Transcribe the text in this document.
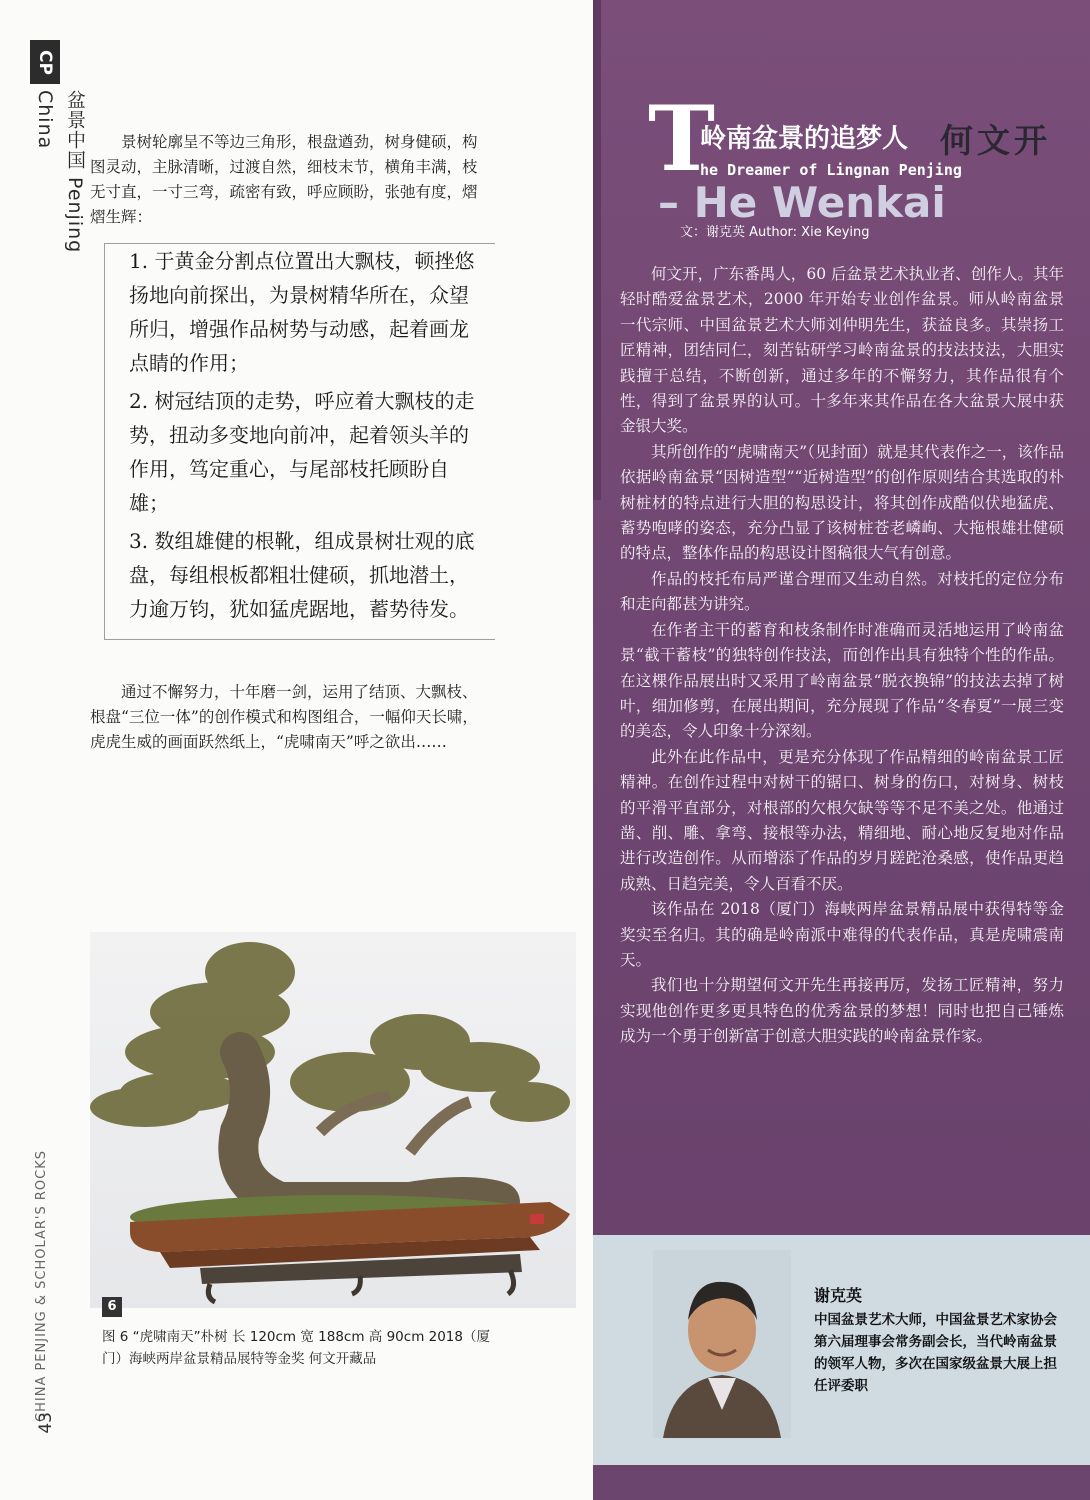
CP
盆景中国 Penjing China	景树轮廓呈不等边三角形，根盘遒劲，树身健硕，构图灵动，主脉清晰，过渡自然，细枝末节，横角丰满，枝无寸直，一寸三弯，疏密有致，呼应顾盼，张弛有度，熠熠生辉：

1. 于黄金分割点位置出大飘枝，顿挫悠扬地向前探出，为景树精华所在，众望所归，增强作品树势与动感，起着画龙点睛的作用；

2. 树冠结顶的走势，呼应着大飘枝的走势，扭动多变地向前冲，起着领头羊的作用，笃定重心，与尾部枝托顾盼自雄；

3. 数组雄健的根靴，组成景树壮观的底盘，每组根板都粗壮健硕，抓地潜土，力逾万钧，犹如猛虎踞地，蓄势待发。

通过不懈努力，十年磨一剑，运用了结顶、大飘枝、根盘“三位一体”的创作模式和构图组合，一幅仰天长啸，虎虎生威的画面跃然纸上，“虎啸南天”呼之欲出……
6
图 6 “虎啸南天”朴树 长 120cm 宽 188cm 高 90cm 2018（厦门）海峡两岸盆景精品展特等金奖 何文开藏品
CHINA PENJING & SCHOLAR'S ROCKS
43
T
岭南盆景的追梦人 何文开
he Dreamer of Lingnan Penjing
– He Wenkai
文：谢克英 Author: Xie Keying

何文开，广东番禺人，60 后盆景艺术执业者、创作人。其年轻时酷爱盆景艺术，2000 年开始专业创作盆景。师从岭南盆景一代宗师、中国盆景艺术大师刘仲明先生，获益良多。其崇扬工匠精神，团结同仁，刻苦钻研学习岭南盆景的技法技法，大胆实践擅于总结，不断创新，通过多年的不懈努力，其作品很有个性，得到了盆景界的认可。十多年来其作品在各大盆景大展中获金银大奖。

其所创作的“虎啸南天”（见封面）就是其代表作之一，该作品依据岭南盆景“因树造型”“近树造型”的创作原则结合其选取的朴树桩材的特点进行大胆的构思设计，将其创作成酷似伏地猛虎、蓄势咆哮的姿态，充分凸显了该树桩苍老嶙峋、大拖根雄壮健硕的特点，整体作品的构思设计图稿很大气有创意。

作品的枝托布局严谨合理而又生动自然。对枝托的定位分布和走向都甚为讲究。

在作者主干的蓄育和枝条制作时准确而灵活地运用了岭南盆景“截干蓄枝”的独特创作技法，而创作出具有独特个性的作品。在这棵作品展出时又采用了岭南盆景“脱衣换锦”的技法去掉了树叶，细加修剪，在展出期间，充分展现了作品“冬春夏”一展三变的美态，令人印象十分深刻。

此外在此作品中，更是充分体现了作品精细的岭南盆景工匠精神。在创作过程中对树干的锯口、树身的伤口，对树身、树枝的平滑平直部分，对根部的欠根欠缺等等不足不美之处。他通过凿、削、雕、拿弯、接根等办法，精细地、耐心地反复地对作品进行改造创作。从而增添了作品的岁月蹉跎沧桑感，使作品更趋成熟、日趋完美，令人百看不厌。

该作品在 2018（厦门）海峡两岸盆景精品展中获得特等金奖实至名归。其的确是岭南派中难得的代表作品，真是虎啸震南天。

我们也十分期望何文开先生再接再厉，发扬工匠精神，努力实现他创作更多更具特色的优秀盆景的梦想！同时也把自己锤炼成为一个勇于创新富于创意大胆实践的岭南盆景作家。

谢克英
中国盆景艺术大师，中国盆景艺术家协会第六届理事会常务副会长，当代岭南盆景的领军人物，多次在国家级盆景大展上担任评委职
